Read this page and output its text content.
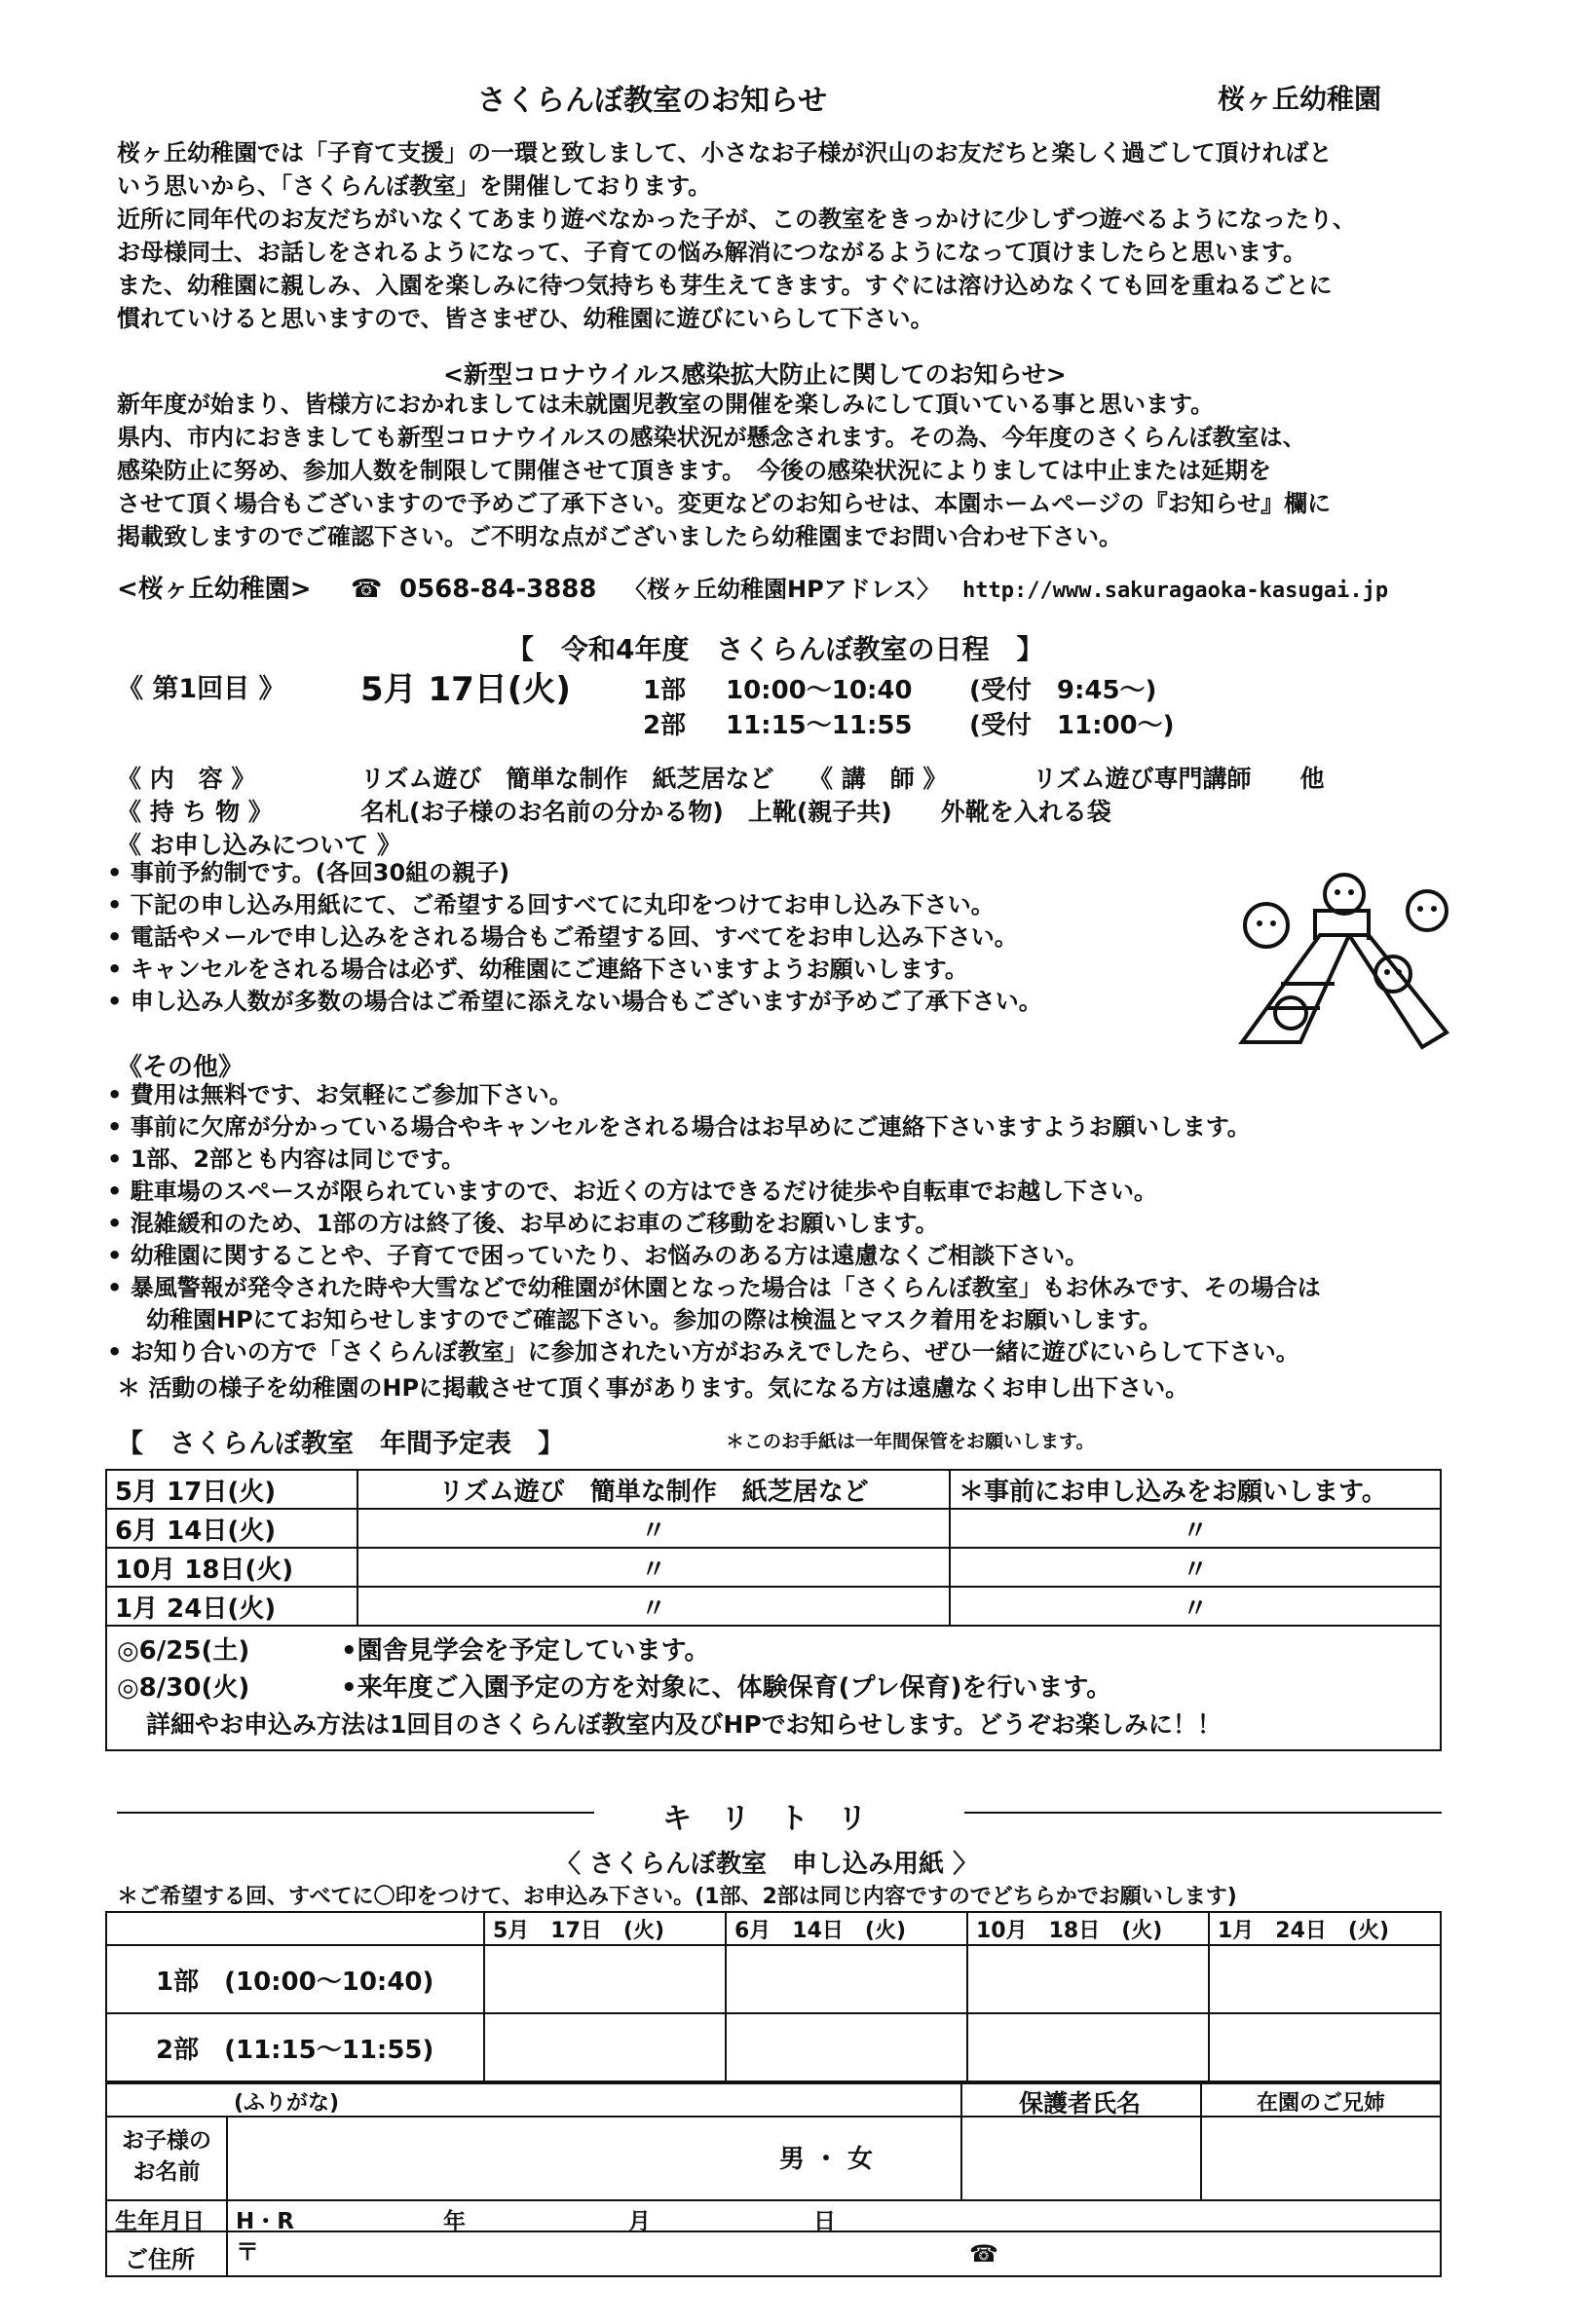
さくらんぼ教室のお知らせ	桜ヶ丘幼稚園
桜ヶ丘幼稚園では「子育て支援」の一環と致しまして、小さなお子様が沢山のお友だちと楽しく過ごして頂ければと
いう思いから、「さくらんぼ教室」を開催しております。
近所に同年代のお友だちがいなくてあまり遊べなかった子が、この教室をきっかけに少しずつ遊べるようになったり、
お母様同士、お話しをされるようになって、子育ての悩み解消につながるようになって頂けましたらと思います。
また、幼稚園に親しみ、入園を楽しみに待つ気持ちも芽生えてきます。すぐには溶け込めなくても回を重ねるごとに
慣れていけると思いますので、皆さまぜひ、幼稚園に遊びにいらして下さい。
<新型コロナウイルス感染拡大防止に関してのお知らせ>
新年度が始まり、皆様方におかれましては未就園児教室の開催を楽しみにして頂いている事と思います。
県内、市内におきましても新型コロナウイルスの感染状況が懸念されます。その為、今年度のさくらんぼ教室は、
感染防止に努め、参加人数を制限して開催させて頂きます。　今後の感染状況によりましては中止または延期を
させて頂く場合もございますので予めご了承下さい。変更などのお知らせは、本園ホームページの『お知らせ』欄に
掲載致しますのでご確認下さい。ご不明な点がございましたら幼稚園までお問い合わせ下さい。
<桜ヶ丘幼稚園> ☎ 0568-84-3888 〈桜ヶ丘幼稚園HPアドレス〉 http://www.sakuragaoka-kasugai.jp
【　令和4年度　さくらんぼ教室の日程　】
《 第1回目 》 5月 17日(火)	1部 10:00〜10:40 (受付　9:45〜)
2部 11:15〜11:55 (受付　11:00〜)
《 内　容 》	リズム遊び　簡単な制作　紙芝居など 《 講　師 》	リズム遊び専門講師　　他
《 持 ち 物 》	名札(お子様のお名前の分かる物)　上靴(親子共)　　外靴を入れる袋
《 お申し込みについて 》
• 事前予約制です。(各回30組の親子)
• 下記の申し込み用紙にて、ご希望する回すべてに丸印をつけてお申し込み下さい。
• 電話やメールで申し込みをされる場合もご希望する回、すべてをお申し込み下さい。
• キャンセルをされる場合は必ず、幼稚園にご連絡下さいますようお願いします。
• 申し込み人数が多数の場合はご希望に添えない場合もございますが予めご了承下さい。
《その他》
• 費用は無料です、お気軽にご参加下さい。
• 事前に欠席が分かっている場合やキャンセルをされる場合はお早めにご連絡下さいますようお願いします。
• 1部、2部とも内容は同じです。
• 駐車場のスペースが限られていますので、お近くの方はできるだけ徒歩や自転車でお越し下さい。
• 混雑緩和のため、1部の方は終了後、お早めにお車のご移動をお願いします。
• 幼稚園に関することや、子育てで困っていたり、お悩みのある方は遠慮なくご相談下さい。
• 暴風警報が発令された時や大雪などで幼稚園が休園となった場合は「さくらんぼ教室」もお休みです、その場合は
幼稚園HPにてお知らせしますのでご確認下さい。参加の際は検温とマスク着用をお願いします。
• お知り合いの方で「さくらんぼ教室」に参加されたい方がおみえでしたら、ぜひ一緒に遊びにいらして下さい。
＊ 活動の様子を幼稚園のHPに掲載させて頂く事があります。気になる方は遠慮なくお申し出下さい。
【　さくらんぼ教室　年間予定表　】	＊このお手紙は一年間保管をお願いします。
5月 17日(火)	リズム遊び　簡単な制作　紙芝居など	＊事前にお申し込みをお願いします。
6月 14日(火)	〃	〃
10月 18日(火)	〃	〃
1月 24日(火)	〃	〃

◎6/25(土) •園舎見学会を予定しています。
◎8/30(火) •来年度ご入園予定の方を対象に、体験保育(プレ保育)を行います。
詳細やお申込み方法は1回目のさくらんぼ教室内及びHPでお知らせします。どうぞお楽しみに！！		
キ　リ　ト　リ
〈 さくらんぼ教室　申し込み用紙 〉
＊ご希望する回、すべてに〇印をつけて、お申込み下さい。(1部、2部は同じ内容ですのでどちらかでお願いします)
	5月　17日　(火)	6月　14日　(火)	10月　18日　(火)	1月　24日　(火)
1部　(10:00〜10:40)				
2部　(11:15〜11:55)				
(ふりがな)	保護者氏名	在園のご兄姉
お子様の お名前	男 ・ 女
生年月日 H・R	年	月	日
ご住所 〒	☎
